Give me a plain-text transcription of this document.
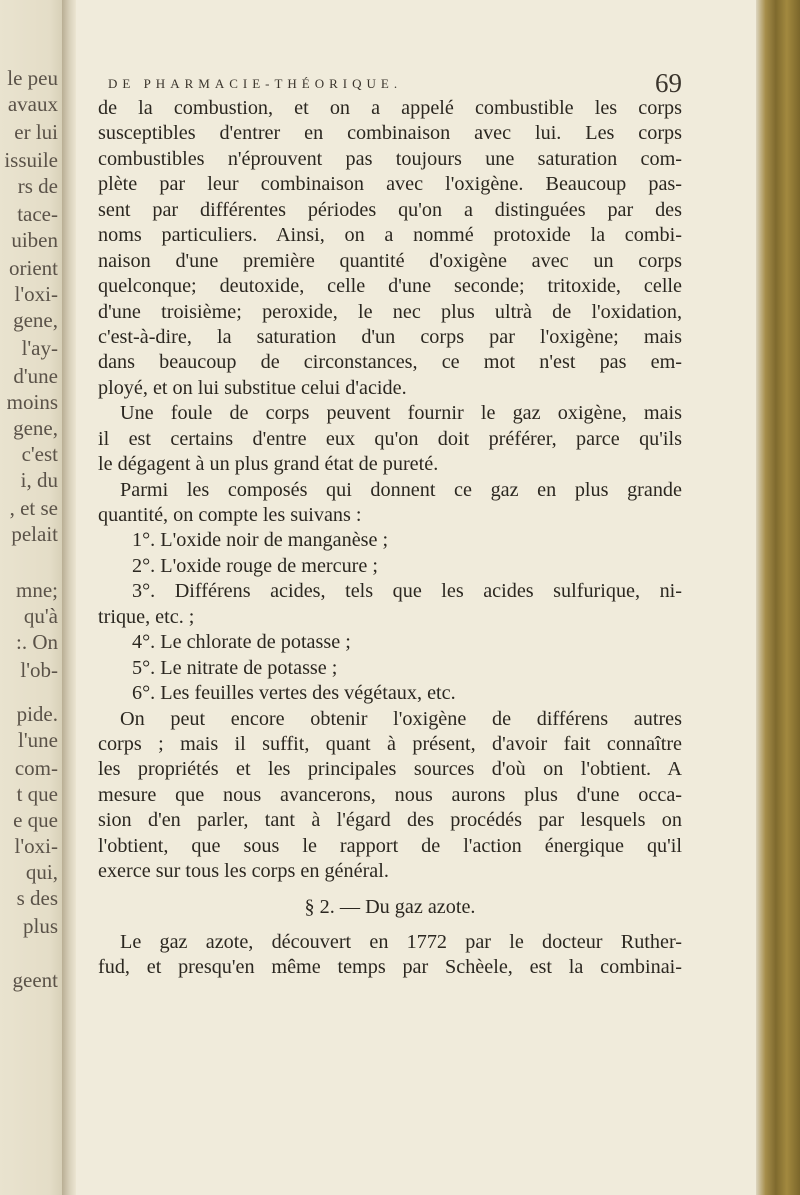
le peu
avaux
er lui
issuile
rs de
tace-
uiben
orient
l'oxi-
gene,
l'ay-
d'une
moins
gene,
c'est
i, du
, et se
pelait
mne;
qu'à
:. On
l'ob-
pide.
l'une
com-
t que
e que
l'oxi-
qui,
s des
plus
geent
DE PHARMACIE-THÉORIQUE.	69
de la combustion, et on a appelé combustible les corps
susceptibles d'entrer en combinaison avec lui. Les corps
combustibles n'éprouvent pas toujours une saturation com-
plète par leur combinaison avec l'oxigène. Beaucoup pas-
sent par différentes périodes qu'on a distinguées par des
noms particuliers. Ainsi, on a nommé protoxide la combi-
naison d'une première quantité d'oxigène avec un corps
quelconque; deutoxide, celle d'une seconde; tritoxide, celle
d'une troisième; peroxide, le nec plus ultrà de l'oxidation,
c'est-à-dire, la saturation d'un corps par l'oxigène; mais
dans beaucoup de circonstances, ce mot n'est pas em-
ployé, et on lui substitue celui d'acide.
Une foule de corps peuvent fournir le gaz oxigène, mais
il est certains d'entre eux qu'on doit préférer, parce qu'ils
le dégagent à un plus grand état de pureté.
Parmi les composés qui donnent ce gaz en plus grande
quantité, on compte les suivans :
1°. L'oxide noir de manganèse ;
2°. L'oxide rouge de mercure ;
3°. Différens acides, tels que les acides sulfurique, ni-
trique, etc. ;
4°. Le chlorate de potasse ;
5°. Le nitrate de potasse ;
6°. Les feuilles vertes des végétaux, etc.
On peut encore obtenir l'oxigène de différens autres
corps ; mais il suffit, quant à présent, d'avoir fait connaître
les propriétés et les principales sources d'où on l'obtient. A
mesure que nous avancerons, nous aurons plus d'une occa-
sion d'en parler, tant à l'égard des procédés par lesquels on
l'obtient, que sous le rapport de l'action énergique qu'il
exerce sur tous les corps en général.
§ 2. — Du gaz azote.
Le gaz azote, découvert en 1772 par le docteur Ruther-
fud, et presqu'en même temps par Schèele, est la combinai-
